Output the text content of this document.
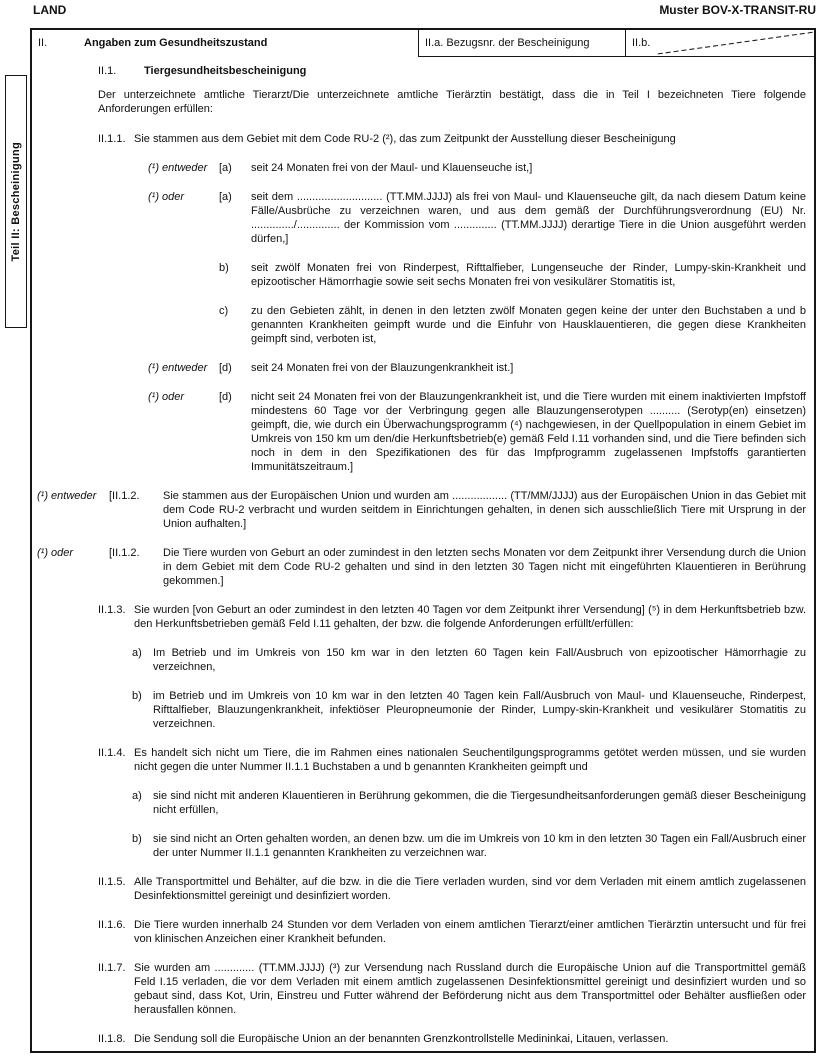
LAND	Muster BOV-X-TRANSIT-RU
Teil II: Bescheinigung
II.	Angaben zum Gesundheitszustand	II.a. Bezugsnr. der Bescheinigung	II.b.
II.1.	Tiergesundheitsbescheinigung
Der unterzeichnete amtliche Tierarzt/Die unterzeichnete amtliche Tierärztin bestätigt, dass die in Teil I bezeichneten Tiere folgende Anforderungen erfüllen:
II.1.1. Sie stammen aus dem Gebiet mit dem Code RU-2 (²), das zum Zeitpunkt der Ausstellung dieser Bescheinigung
(¹) entweder	[a)	seit 24 Monaten frei von der Maul- und Klauenseuche ist,]
(¹) oder	[a)	seit dem ............................ (TT.MM.JJJJ) als frei von Maul- und Klauenseuche gilt, da nach diesem Datum keine Fälle/Ausbrüche zu verzeichnen waren, und aus dem gemäß der Durchführungsverordnung (EU) Nr. ............../.............. der Kommission vom .............. (TT.MM.JJJJ) derartige Tiere in die Union ausgeführt werden dürfen,]
b)	seit zwölf Monaten frei von Rinderpest, Rifttalfieber, Lungenseuche der Rinder, Lumpy-skin-Krankheit und epizootischer Hämorrhagie sowie seit sechs Monaten frei von vesikulärer Stomatitis ist,
c)	zu den Gebieten zählt, in denen in den letzten zwölf Monaten gegen keine der unter den Buchstaben a und b genannten Krankheiten geimpft wurde und die Einfuhr von Hausklauentieren, die gegen diese Krankheiten geimpft sind, verboten ist,
(¹) entweder	[d)	seit 24 Monaten frei von der Blauzungenkrankheit ist.]
(¹) oder	[d)	nicht seit 24 Monaten frei von der Blauzungenkrankheit ist, und die Tiere wurden mit einem inaktivierten Impfstoff mindestens 60 Tage vor der Verbringung gegen alle Blauzungenserotypen .......... (Serotyp(en) einsetzen) geimpft, die, wie durch ein Überwachungsprogramm (⁴) nachgewiesen, in der Quellpopulation in einem Gebiet im Umkreis von 150 km um den/die Herkunftsbetrieb(e) gemäß Feld I.11 vorhanden sind, und die Tiere befinden sich noch in dem in den Spezifikationen des für das Impfprogramm zugelassenen Impfstoffs garantierten Immunitätszeitraum.]
(¹) entweder	[II.1.2.	Sie stammen aus der Europäischen Union und wurden am .................. (TT/MM/JJJJ) aus der Europäischen Union in das Gebiet mit dem Code RU-2 verbracht und wurden seitdem in Einrichtungen gehalten, in denen sich ausschließlich Tiere mit Ursprung in der Union aufhalten.]
(¹) oder	[II.1.2.	Die Tiere wurden von Geburt an oder zumindest in den letzten sechs Monaten vor dem Zeitpunkt ihrer Versendung durch die Union in dem Gebiet mit dem Code RU-2 gehalten und sind in den letzten 30 Tagen nicht mit eingeführten Klauentieren in Berührung gekommen.]
II.1.3. Sie wurden [von Geburt an oder zumindest in den letzten 40 Tagen vor dem Zeitpunkt ihrer Versendung] (⁵) in dem Herkunftsbetrieb bzw. den Herkunftsbetrieben gemäß Feld I.11 gehalten, der bzw. die folgende Anforderungen erfüllt/erfüllen:
a)	Im Betrieb und im Umkreis von 150 km war in den letzten 60 Tagen kein Fall/Ausbruch von epizootischer Hämorrhagie zu verzeichnen,
b)	im Betrieb und im Umkreis von 10 km war in den letzten 40 Tagen kein Fall/Ausbruch von Maul- und Klauenseuche, Rinderpest, Rifttalfieber, Blauzungenkrankheit, infektiöser Pleuropneumonie der Rinder, Lumpy-skin-Krankheit und vesikulärer Stomatitis zu verzeichnen.
II.1.4. Es handelt sich nicht um Tiere, die im Rahmen eines nationalen Seuchentilgungsprogramms getötet werden müssen, und sie wurden nicht gegen die unter Nummer II.1.1 Buchstaben a und b genannten Krankheiten geimpft und
a)	sie sind nicht mit anderen Klauentieren in Berührung gekommen, die die Tiergesundheitsanforderungen gemäß dieser Bescheinigung nicht erfüllen,
b)	sie sind nicht an Orten gehalten worden, an denen bzw. um die im Umkreis von 10 km in den letzten 30 Tagen ein Fall/Ausbruch einer der unter Nummer II.1.1 genannten Krankheiten zu verzeichnen war.
II.1.5. Alle Transportmittel und Behälter, auf die bzw. in die die Tiere verladen wurden, sind vor dem Verladen mit einem amtlich zugelassenen Desinfektionsmittel gereinigt und desinfiziert worden.
II.1.6. Die Tiere wurden innerhalb 24 Stunden vor dem Verladen von einem amtlichen Tierarzt/einer amtlichen Tierärztin untersucht und für frei von klinischen Anzeichen einer Krankheit befunden.
II.1.7. Sie wurden am ............. (TT.MM.JJJJ) (³) zur Versendung nach Russland durch die Europäische Union auf die Transportmittel gemäß Feld I.15 verladen, die vor dem Verladen mit einem amtlich zugelassenen Desinfektionsmittel gereinigt und desinfiziert wurden und so gebaut sind, dass Kot, Urin, Einstreu und Futter während der Beförderung nicht aus dem Transportmittel oder Behälter ausfließen oder herausfallen können.
II.1.8. Die Sendung soll die Europäische Union an der benannten Grenzkontrollstelle Medininkai, Litauen, verlassen.
